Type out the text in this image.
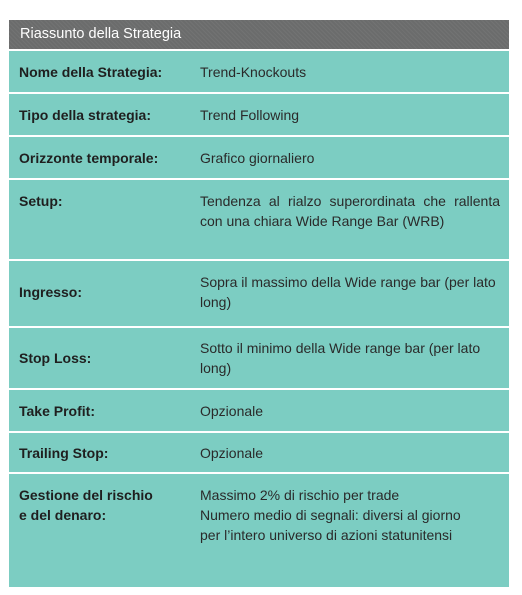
Riassunto della Strategia
Nome della Strategia:	Trend-Knockouts
Tipo della strategia:	Trend Following
Orizzonte temporale:	Grafico giornaliero
Setup:	Tendenza al rialzo superordinata che rallenta con una chiara Wide Range Bar (WRB)
Ingresso:
Sopra il massimo della Wide range bar (per lato long)
Stop Loss:
Sotto il minimo della Wide range bar (per lato long)
Take Profit:	Opzionale
Trailing Stop:	Opzionale
Gestione del rischio
e del denaro:
Massimo 2% di rischio per trade
Numero medio di segnali: diversi al giorno
per l’intero universo di azioni statunitensi
